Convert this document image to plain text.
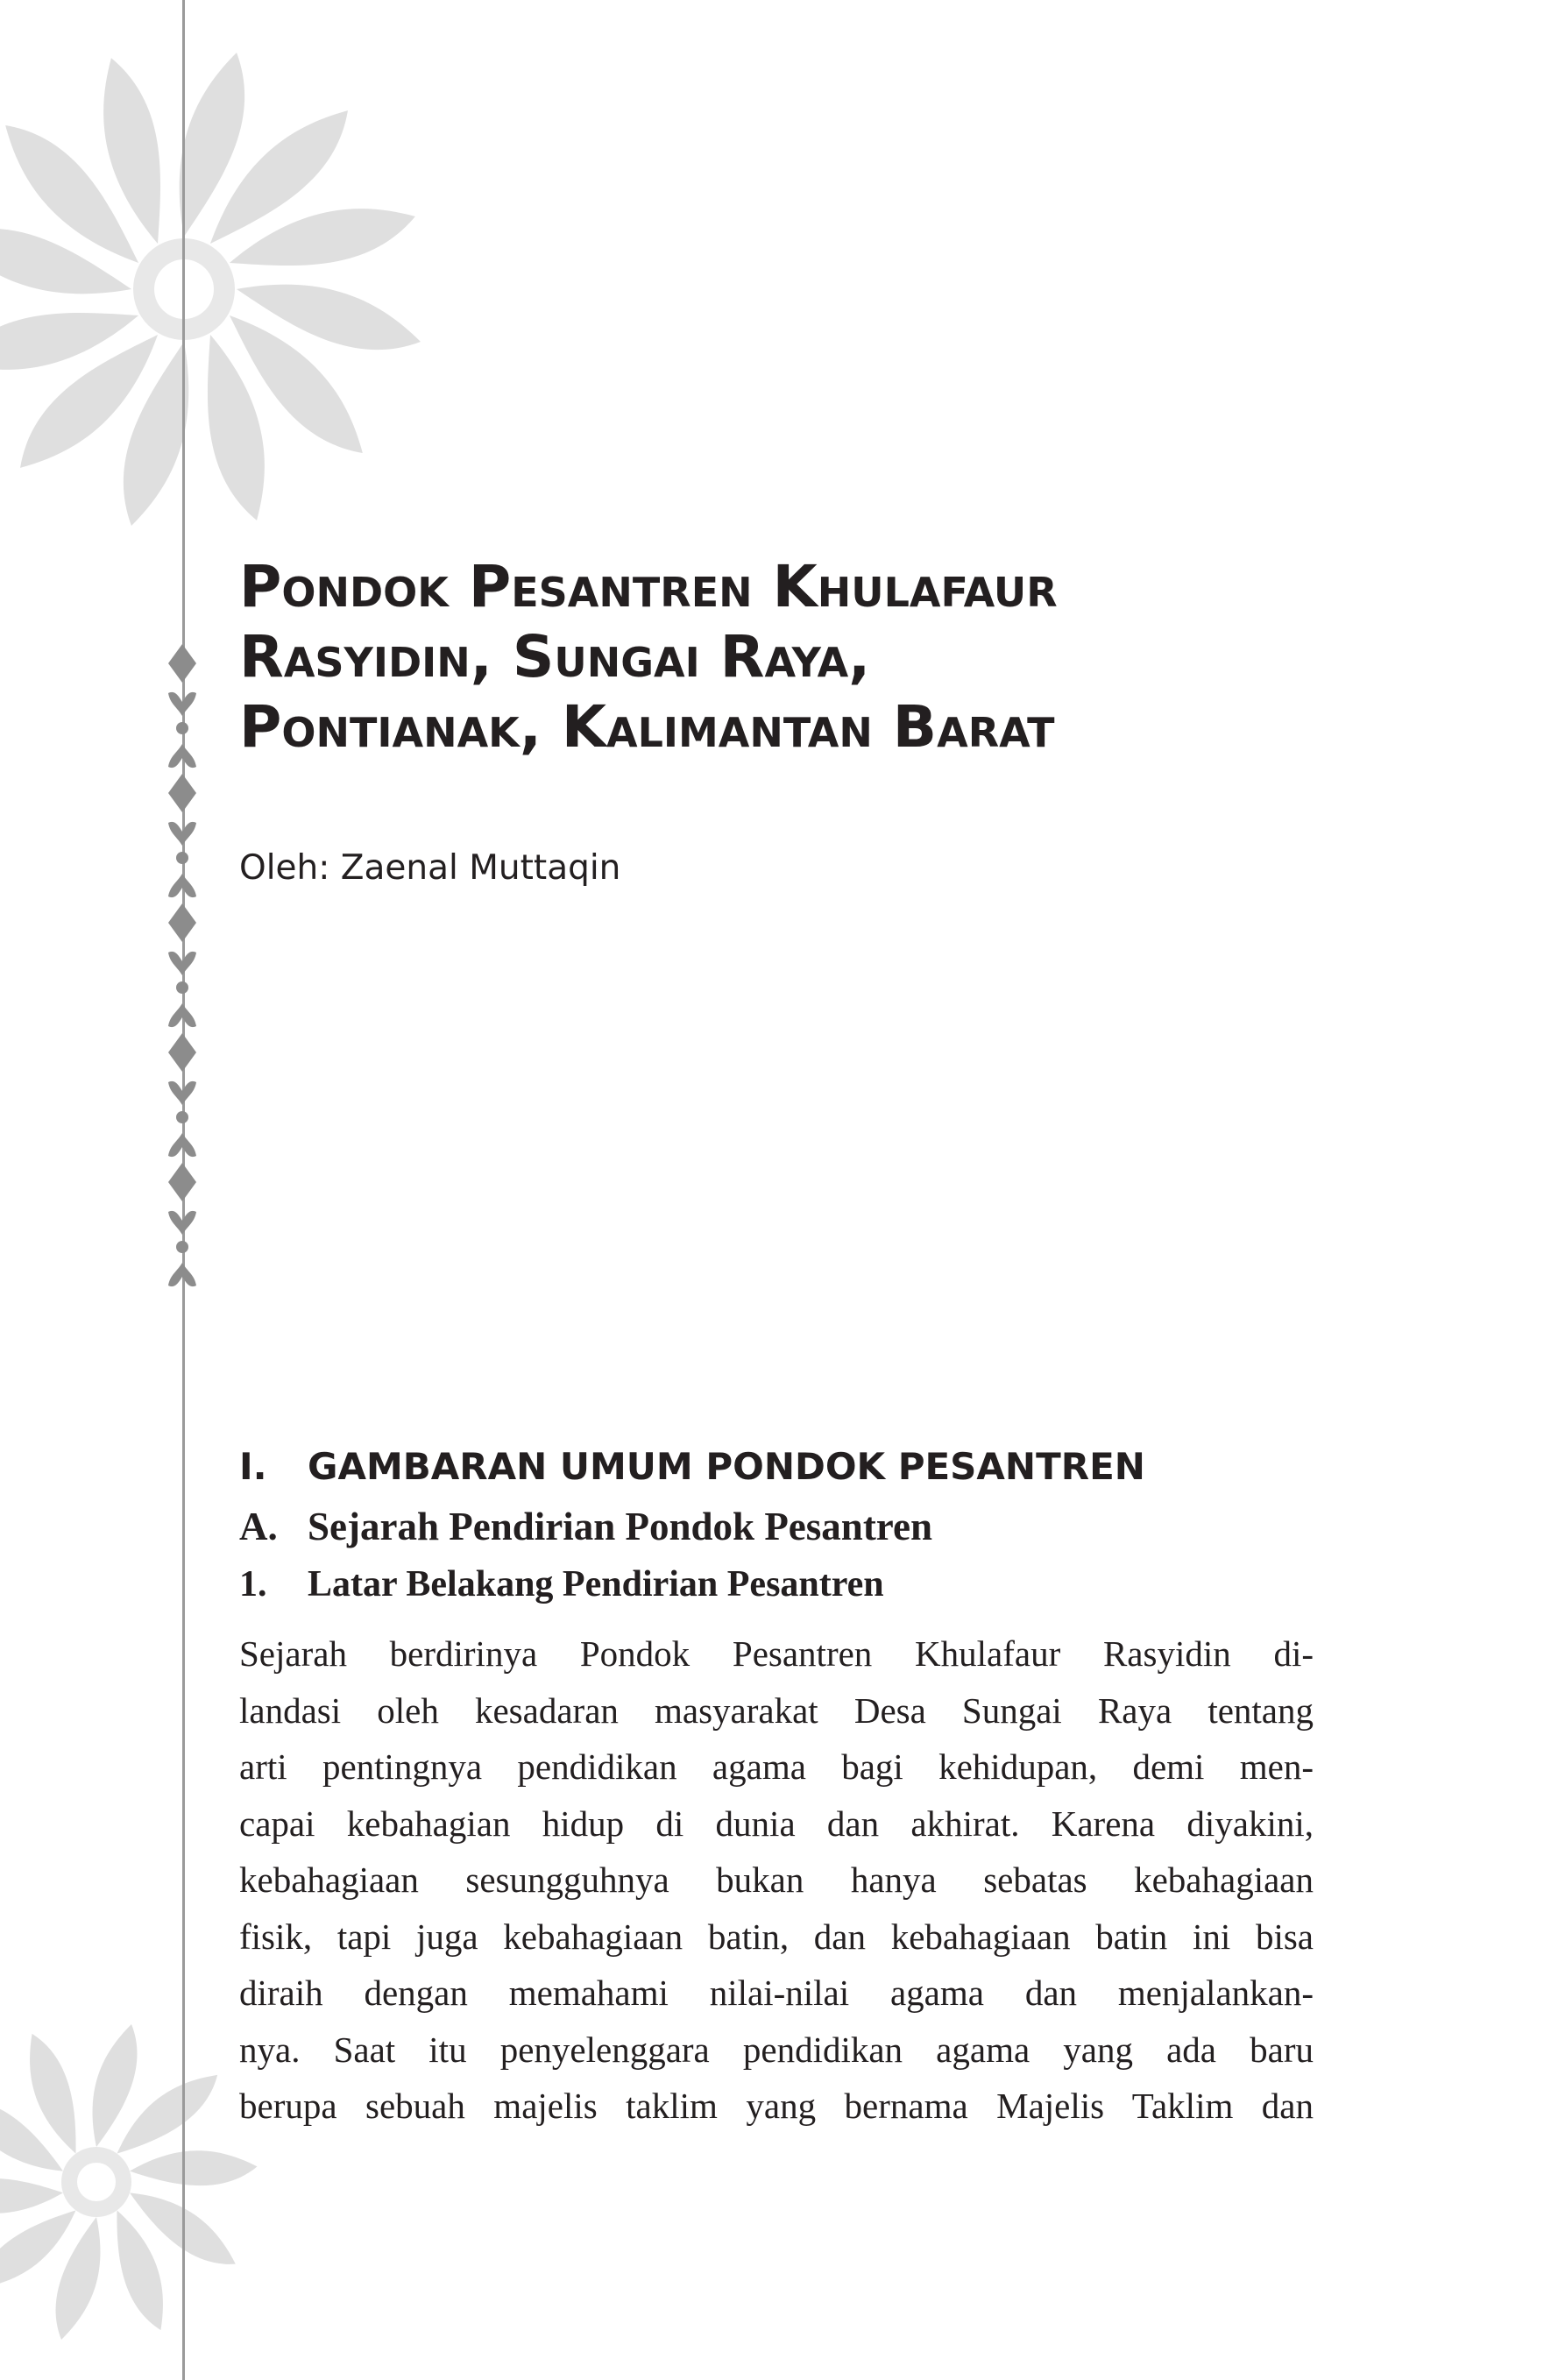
Pondok Pesantren Khulafaur
Rasyidin, Sungai Raya,
Pontianak, Kalimantan Barat
Oleh: Zaenal Muttaqin
I.	GAMBARAN UMUM PONDOK PESANTREN
A. Sejarah Pendirian Pondok Pesantren
1.	Latar Belakang Pendirian Pesantren
Sejarah berdirinya Pondok Pesantren Khulafaur Rasyidin di-
landasi oleh kesadaran masyarakat Desa Sungai Raya tentang
arti pentingnya pendidikan agama bagi kehidupan, demi men-
capai kebahagian hidup di dunia dan akhirat. Karena diyakini,
kebahagiaan sesungguhnya bukan hanya sebatas kebahagiaan
fisik, tapi juga kebahagiaan batin, dan kebahagiaan batin ini bisa
diraih dengan memahami nilai-nilai agama dan menjalankan-
nya. Saat itu penyelenggara pendidikan agama yang ada baru
berupa sebuah majelis taklim yang bernama Majelis Taklim dan
